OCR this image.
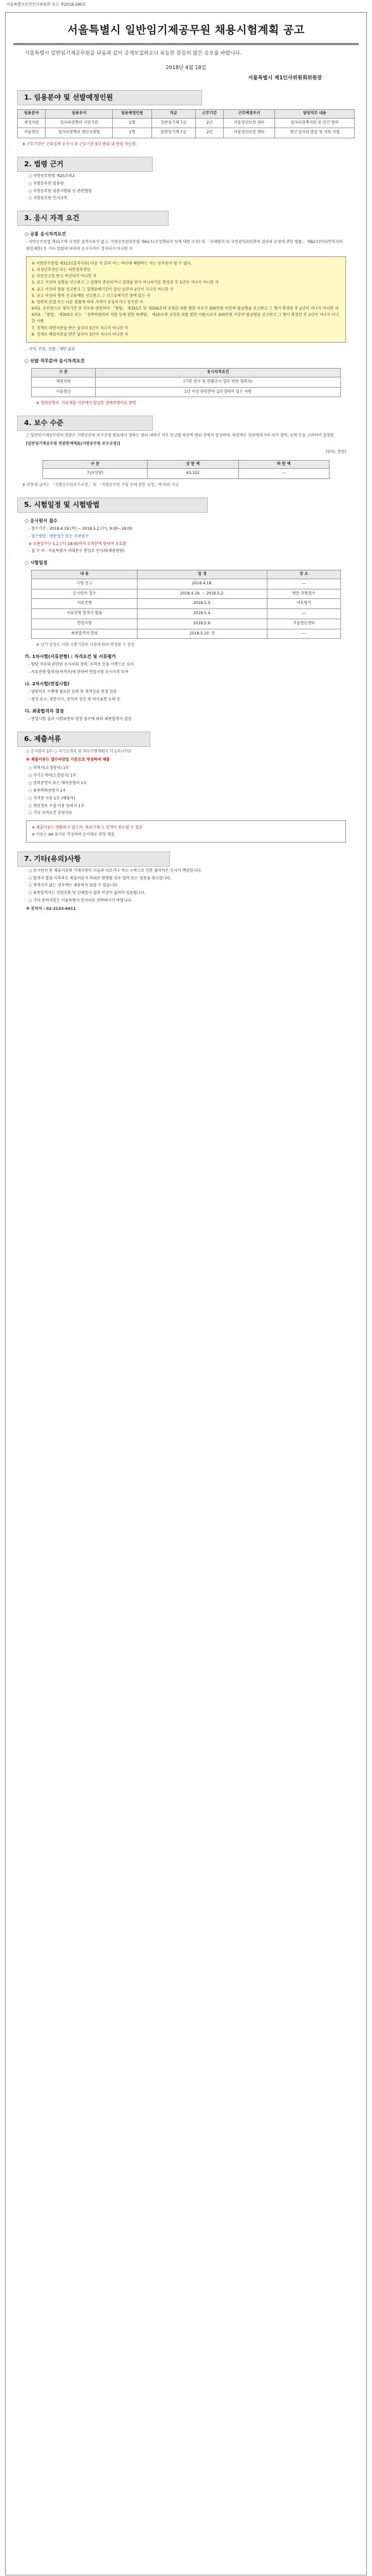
서울특별시보건인사위원회 공고 제2018-290호
서울특별시 일반임기제공무원 채용시험계획 공고
서울특별시 일반임기제공무원을 다음과 같이 공개모집하오니 유능한 분들의 많은 응모를 바랍니다.
2018년 4월 18일
서울특별시 제1인사위원회위원장
1. 임용분야 및 선발예정인원
임용분야	임용부서	임용예정인원	직급	근무기간	근무예정부서	담당직무 내용
재정지원	일자리정책과 지원기관	1명	일반임기제 7급	2년	서울청년보장 센터	일자리정책지원 및 민간 협력
서울청년	일자리정책과 청년지원팀	1명	일반임기제 7급	2년	서울청년보장 센터	청년 일자리 발굴 및 지원 사업
※ 근무기간은 근무실적 우수시 총 근무기간 5년 범위 내 연장 가능함.
2. 법령 근거
○ 지방공무원법 제25조의2
○ 지방공무원 임용령
○ 지방공무원 임용시험령 등 관련법령
○ 지방공무원 인사규칙
3. 응시 자격 요건
○ 공통 응시자격요건
- 지방공무원법 제31조에 규정한 결격사유가 없고, 지방공무원임용령 제65조(부정행위자 등에 대한 조치) 및 「부패방지 및 국민권익위원회의 설치와 운영에 관한 법률」 제82조(비위면직자의 취업제한) 등 기타 법령에 의하여 응시자격이 정지되지 아니한 자
※ 지방공무원법 제31조(결격사유) 다음 각 호의 어느 하나에 해당하는 자는 공무원이 될 수 없다.
1. 피성년후견인 또는 피한정후견인
2. 파산선고를 받고 복권되지 아니한 자
3. 금고 이상의 실형을 선고받고 그 집행이 종료되거나 집행을 받지 아니하기로 확정된 후 5년이 지나지 아니한 자
4. 금고 이상의 형을 선고받고 그 집행유예기간이 끝난 날부터 2년이 지나지 아니한 자
5. 금고 이상의 형의 선고유예를 선고받고 그 선고유예기간 중에 있는 자
6. 법원의 판결 또는 다른 법률에 따라 자격이 상실되거나 정지된 자
6의2. 공무원으로 재직기간 중 직무와 관련하여 「형법」 제355조 및 제356조에 규정된 죄를 범한 자로서 300만원 이상의 벌금형을 선고받고 그 형이 확정된 후 2년이 지나지 아니한 자
6의3. 「형법」 제303조 또는 「성폭력범죄의 처벌 등에 관한 특례법」 제10조에 규정된 죄를 범한 사람으로서 300만원 이상의 벌금형을 선고받고 그 형이 확정된 후 2년이 지나지 아니한 사람
7. 징계로 파면처분을 받은 날부터 5년이 지나지 아니한 자
8. 징계로 해임처분을 받은 날부터 3년이 지나지 아니한 자
- 지역, 연령, 성별 : 제한 없음
○ 선발 직무분야 응시자격요건
구 분	응시자격요건
재정지원	(기관 연구 및 현황조사 업무 관련 경력자)
서울청년	1년 이상 관련분야 실무경력이 있는 사람
※ 경력증명서: 자료제출 기관에서 발급한 경력증명서로 증명
4. 보수 수준
○ 일반임기제공무원의 연봉은 지방공무원 보수규정 별표에서 정하는 범위 내에서 직무 등급별 하한액 범위 안에서 결정하며, 하한액은 임용예정자의 과거 경력, 능력 등을 고려하여 결정함
[일반임기제공무원 연봉한계액표(지방공무원 보수규정)]
(단위: 천원)
구 분	상 한 액	하 한 액
7급(상당)	63,322	―
※ 연봉제 급여는 「지방공무원보수규정」 및 「지방공무원 수당 등에 관한 규정」에 따라 지급
5. 시험일정 및 시험방법
○ 응시원서 접수
- 접수기간 : 2018.4.19.(목) ~ 2018.5.2.(수), 9:00~18:00
- 접수방법 : 방문접수 또는 우편접수
※ 우편접수는 5.2.(수) 18:00까지 도착분에 한하여 유효함
- 접 수 처 : 서울특별시 서대문구 통일로 인사과(채용담당)
○ 시험일정
내 용	일 정	장 소
시험 공고	2018.4.18.	―
응시원서 접수	2018.4.19. ~ 2018.5.2.	방문·우편접수
서류전형	2018.5.3.	서류평가
서류전형 합격자 발표	2018.5.4.	―
면접시험	2018.5.9.	서울청년센터
최종합격자 발표	2018.5.10. 중	―
※ 상기 일정은 시험 시행기관의 사정에 따라 변경될 수 있음
가. 1차시험(서류전형) : 자격요건 및 서류평가
- 담당 직무와 관련된 응시자의 경력, 자격증 등을 서면으로 심사
- 서류전형 합격자(적격자)에 한하여 면접시험 응시자격 부여
나. 2차시험(면접시험)
- 담당직무 수행에 필요한 능력 및 적격성을 면접 검증
- 평정 요소: 전문지식, 공직자 정신 및 의사표현 능력 등
다. 최종합격자 결정
- 면접시험 결과 시험위원의 평정 점수에 따라 최종합격자 결정
6. 제출서류
○ 응시원서 1부 ○ 자기소개서 및 직무수행계획서 각 1부(서식)
※ 제출서류는 접수마감일 기준으로 작성하여 제출
○ 이력서(소정양식) 1부
○ 자기소개서(소정양식) 1부
○ 경력증명서 또는 재직증명서 1부
○ 최종학력증명서 1부
○ 자격증 사본 1부 (해당자)
○ 개인정보 수집·이용 동의서 1부
○ 기타 자격요건 증빙서류
※ 제출서류는 반환하지 않으며, 허위기재 시 합격이 취소될 수 있음
※ 서류는 A4 용지로 작성하여 순서대로 편철 제출
7. 기타(유의)사항
○ 응시원서 및 제출서류의 기재사항이 사실과 다르거나 착오·누락으로 인한 불이익은 응시자 책임입니다.
○ 합격자 발표 이후라도 제출서류가 허위로 판명될 경우 합격 또는 임용을 취소합니다.
○ 적격자가 없는 경우에는 채용하지 않을 수 있습니다.
○ 최종합격자는 신원조회 및 신체검사 결과 이상이 없어야 임용됩니다.
○ 기타 문의사항은 서울특별시 인사과로 연락하시기 바랍니다.
※ 문의처 : 02-2133-6411
